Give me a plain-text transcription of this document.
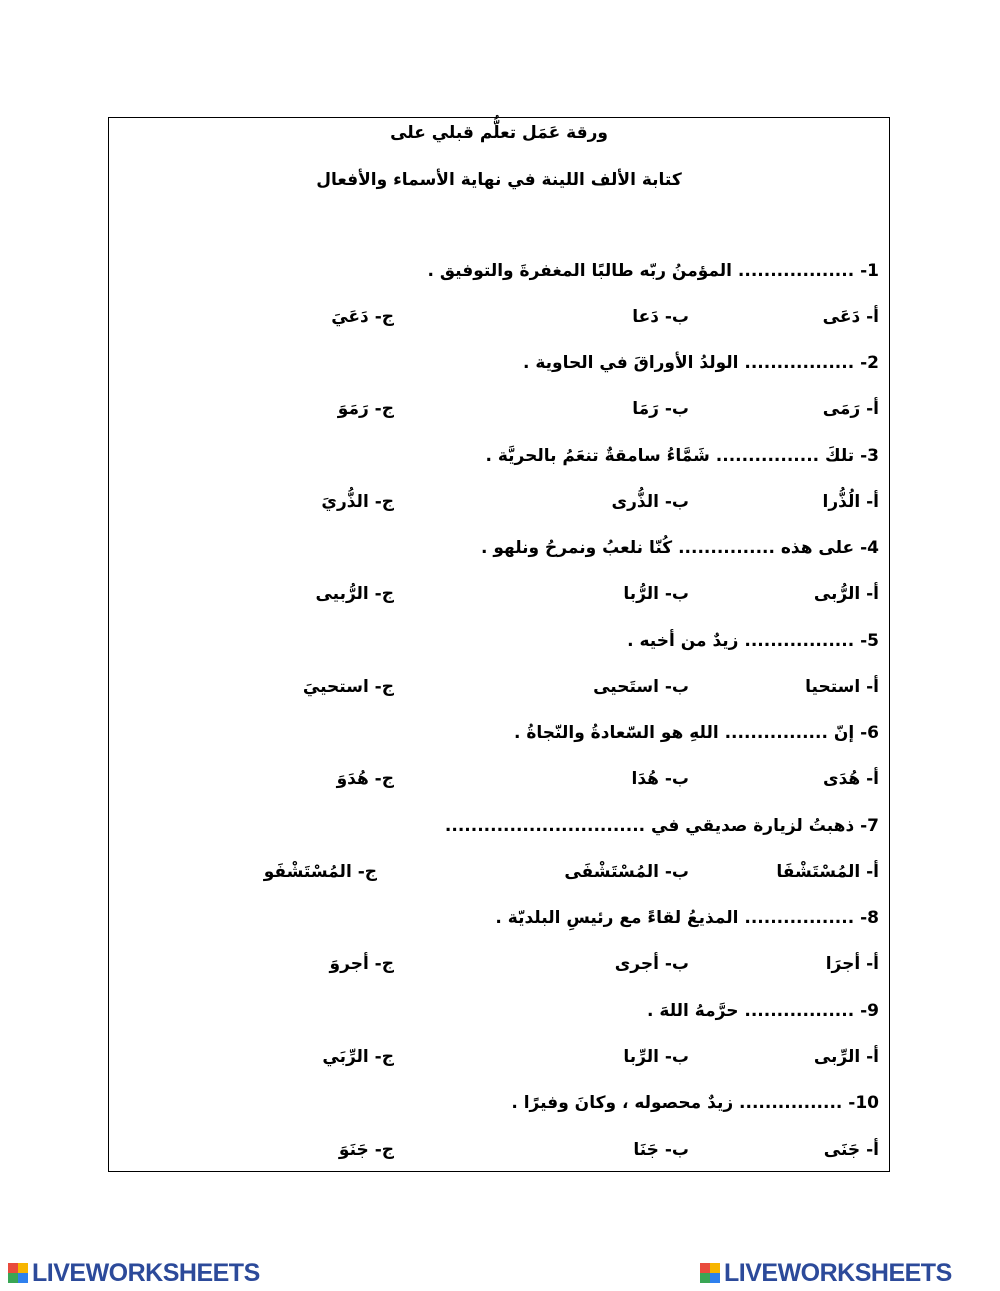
ورقة عَمَل تعلُّم قبلي على
كتابة الألف اللينة في نهاية الأسماء والأفعال
1- .................. المؤمنُ ربّه طالبًا المغفرةَ والتوفيق .
أ- دَعَى
ب- دَعا
ج- دَعَيَ
2- ................. الولدُ الأوراقَ في الحاوية .
أ- رَمَى
ب- رَمَا
ج- رَمَوَ
3- تلكَ ................ شَمَّاءُ سامقةٌ تنعَمُ بالحريَّة .
أ- الُذُّرا
ب- الذُّرى
ج- الذُّريَ
4- على هذه ............... كُنّا نلعبُ ونمرحُ ونلهو .
أ- الرُّبى
ب- الرُّبا
ج- الرُّبيى
5- ................. زيدٌ من أخيه .
أ- استحيا
ب- استَحيى
ج- استحييَ
6- إنّ ................ اللهِ هو السّعادةُ والنّجاةُ .
أ- هُدَى
ب- هُدَا
ج- هُدَوَ
7- ذهبتُ لزيارة صديقي في ...............................
أ- المُسْتَشْفَا
ب- المُسْتَشْفَى
ج- المُسْتَشْفَو
8- ................. المذيعُ لقاءً مع رئيسِ البلديّة .
أ- أجرَا
ب- أجرى
ج- أجروَ
9- ................. حرَّمهُ اللهَ .
أ- الرِّبى
ب- الرِّبا
ج- الرِّبَي
10- ................ زيدٌ محصوله ، وكانَ وفيرًا .
أ- جَنَى
ب- جَنَا
ج- جَنَوَ
LIVEWORKSHEETS	LIVEWORKSHEETS
